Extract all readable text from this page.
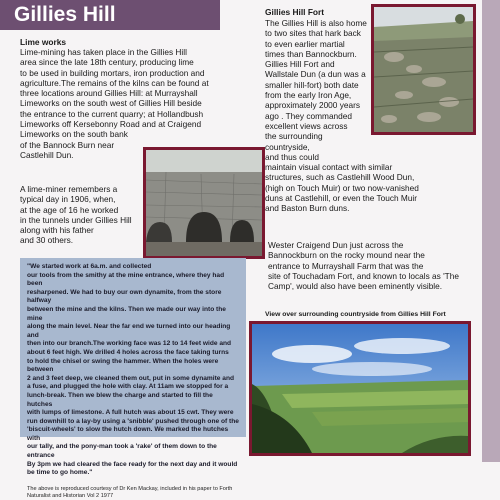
Gillies Hill
Lime works
Lime-mining has taken place in the Gillies Hill
area since the late 18th century, producing lime
to be used in building mortars, iron production and
agriculture.The remains of the kilns can be found at
three locations around Gillies Hill: at Murrayshall
Limeworks on the south west of Gillies Hill beside
the entrance to the current quarry; at Hollandbush
Limeworks off Kersebonny Road and at Craigend
Limeworks on the south bank
of the Bannock Burn near
Castlehill Dun.
A lime-miner remembers a
typical day in 1906, when,
at the age of 16 he worked
in the tunnels under Gillies Hill
along with his father
and 30 others.
"We started work at 6a.m. and collected
our tools from the smithy at the mine entrance, where they had been
resharpened. We had to buy our own dynamite, from the store halfway
between the mine and the kilns. Then we made our way into the mine
along the main level. Near the far end we turned into our heading and
then into our branch.The working face was 12 to 14 feet wide and
about 6 feet high. We drilled 4 holes across the face taking turns
to hold the chisel or swing the hammer. When the holes were between
2 and 3 feet deep, we cleaned them out, put in some dynamite and
a fuse, and plugged the hole with clay. At 11am we stopped for a
lunch-break. Then we blew the charge and started to fill the hutches
with lumps of limestone. A full hutch was about 15 cwt. They were
run downhill to a lay-by using a 'snibble' pushed through one of the
'biscuit-wheels' to slow the hutch down. We marked the hutches with
our tally, and the pony-man took a 'rake' of them down to the entrance
By 3pm we had cleared the face ready for the next day and it would
be time to go home."
The above is reproduced courtesy of Dr Ken Mackay, included in his paper to Forth
Naturalist and Historian Vol 2 1977
Gillies Hill Fort
The Gillies Hill is also home
to two sites that hark back
to even earlier martial
times than Bannockburn.
Gillies Hill Fort and
Wallstale Dun (a dun was a
smaller hill-fort) both date
from the early Iron Age,
approximately 2000 years
ago . They commanded
excellent views across
the surrounding
countryside,
and thus could
maintain visual contact with similar
structures, such as Castlehill Wood Dun,
(high on Touch Muir) or two now-vanished
duns at Castlehill, or even the Touch Muir
and Baston Burn duns.
Wester Craigend Dun just across the
Bannockburn on the rocky mound near the
entrance to Murrayshall Farm that was the
site of Touchadam Fort, and known to locals as 'The
Camp', would also have been eminently visible.
View over surrounding countryside from Gillies Hill Fort
